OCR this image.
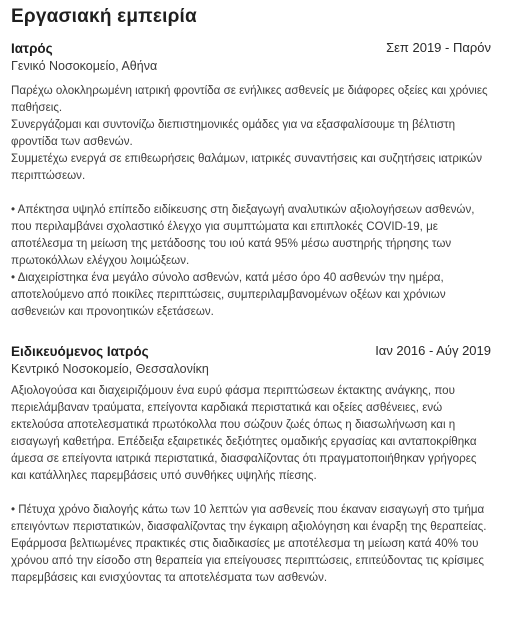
Εργασιακή εμπειρία
Ιατρός	Σεπ 2019 - Παρόν
Γενικό Νοσοκομείο, Αθήνα

Παρέχω ολοκληρωμένη ιατρική φροντίδα σε ενήλικες ασθενείς με διάφορες οξείες και χρόνιες παθήσεις.

Συνεργάζομαι και συντονίζω διεπιστημονικές ομάδες για να εξασφαλίσουμε τη βέλτιστη φροντίδα των ασθενών.

Συμμετέχω ενεργά σε επιθεωρήσεις θαλάμων, ιατρικές συναντήσεις και συζητήσεις ιατρικών περιπτώσεων.

• Απέκτησα υψηλό επίπεδο ειδίκευσης στη διεξαγωγή αναλυτικών αξιολογήσεων ασθενών, που περιλαμβάνει σχολαστικό έλεγχο για συμπτώματα και επιπλοκές COVID-19, με αποτέλεσμα τη μείωση της μετάδοσης του ιού κατά 95% μέσω αυστηρής τήρησης των πρωτοκόλλων ελέγχου λοιμώξεων.

• Διαχειρίστηκα ένα μεγάλο σύνολο ασθενών, κατά μέσο όρο 40 ασθενών την ημέρα, αποτελούμενο από ποικίλες περιπτώσεις, συμπεριλαμβανομένων οξέων και χρόνιων ασθενειών και προνοητικών εξετάσεων.

Ειδικευόμενος Ιατρός	Ιαν 2016 - Αύγ 2019
Κεντρικό Νοσοκομείο, Θεσσαλονίκη

Αξιολογούσα και διαχειριζόμουν ένα ευρύ φάσμα περιπτώσεων έκτακτης ανάγκης, που περιελάμβαναν τραύματα, επείγοντα καρδιακά περιστατικά και οξείες ασθένειες, ενώ εκτελούσα αποτελεσματικά πρωτόκολλα που σώζουν ζωές όπως η διασωλήνωση και η εισαγωγή καθετήρα. Επέδειξα εξαιρετικές δεξιότητες ομαδικής εργασίας και ανταποκρίθηκα άμεσα σε επείγοντα ιατρικά περιστατικά, διασφαλίζοντας ότι πραγματοποιήθηκαν γρήγορες και κατάλληλες παρεμβάσεις υπό συνθήκες υψηλής πίεσης.

• Πέτυχα χρόνο διαλογής κάτω των 10 λεπτών για ασθενείς που έκαναν εισαγωγή στο τμήμα επειγόντων περιστατικών, διασφαλίζοντας την έγκαιρη αξιολόγηση και έναρξη της θεραπείας. Εφάρμοσα βελτιωμένες πρακτικές στις διαδικασίες με αποτέλεσμα τη μείωση κατά 40% του χρόνου από την είσοδο στη θεραπεία για επείγουσες περιπτώσεις, επιτεύδοντας τις κρίσιμες παρεμβάσεις και ενισχύοντας τα αποτελέσματα των ασθενών.
